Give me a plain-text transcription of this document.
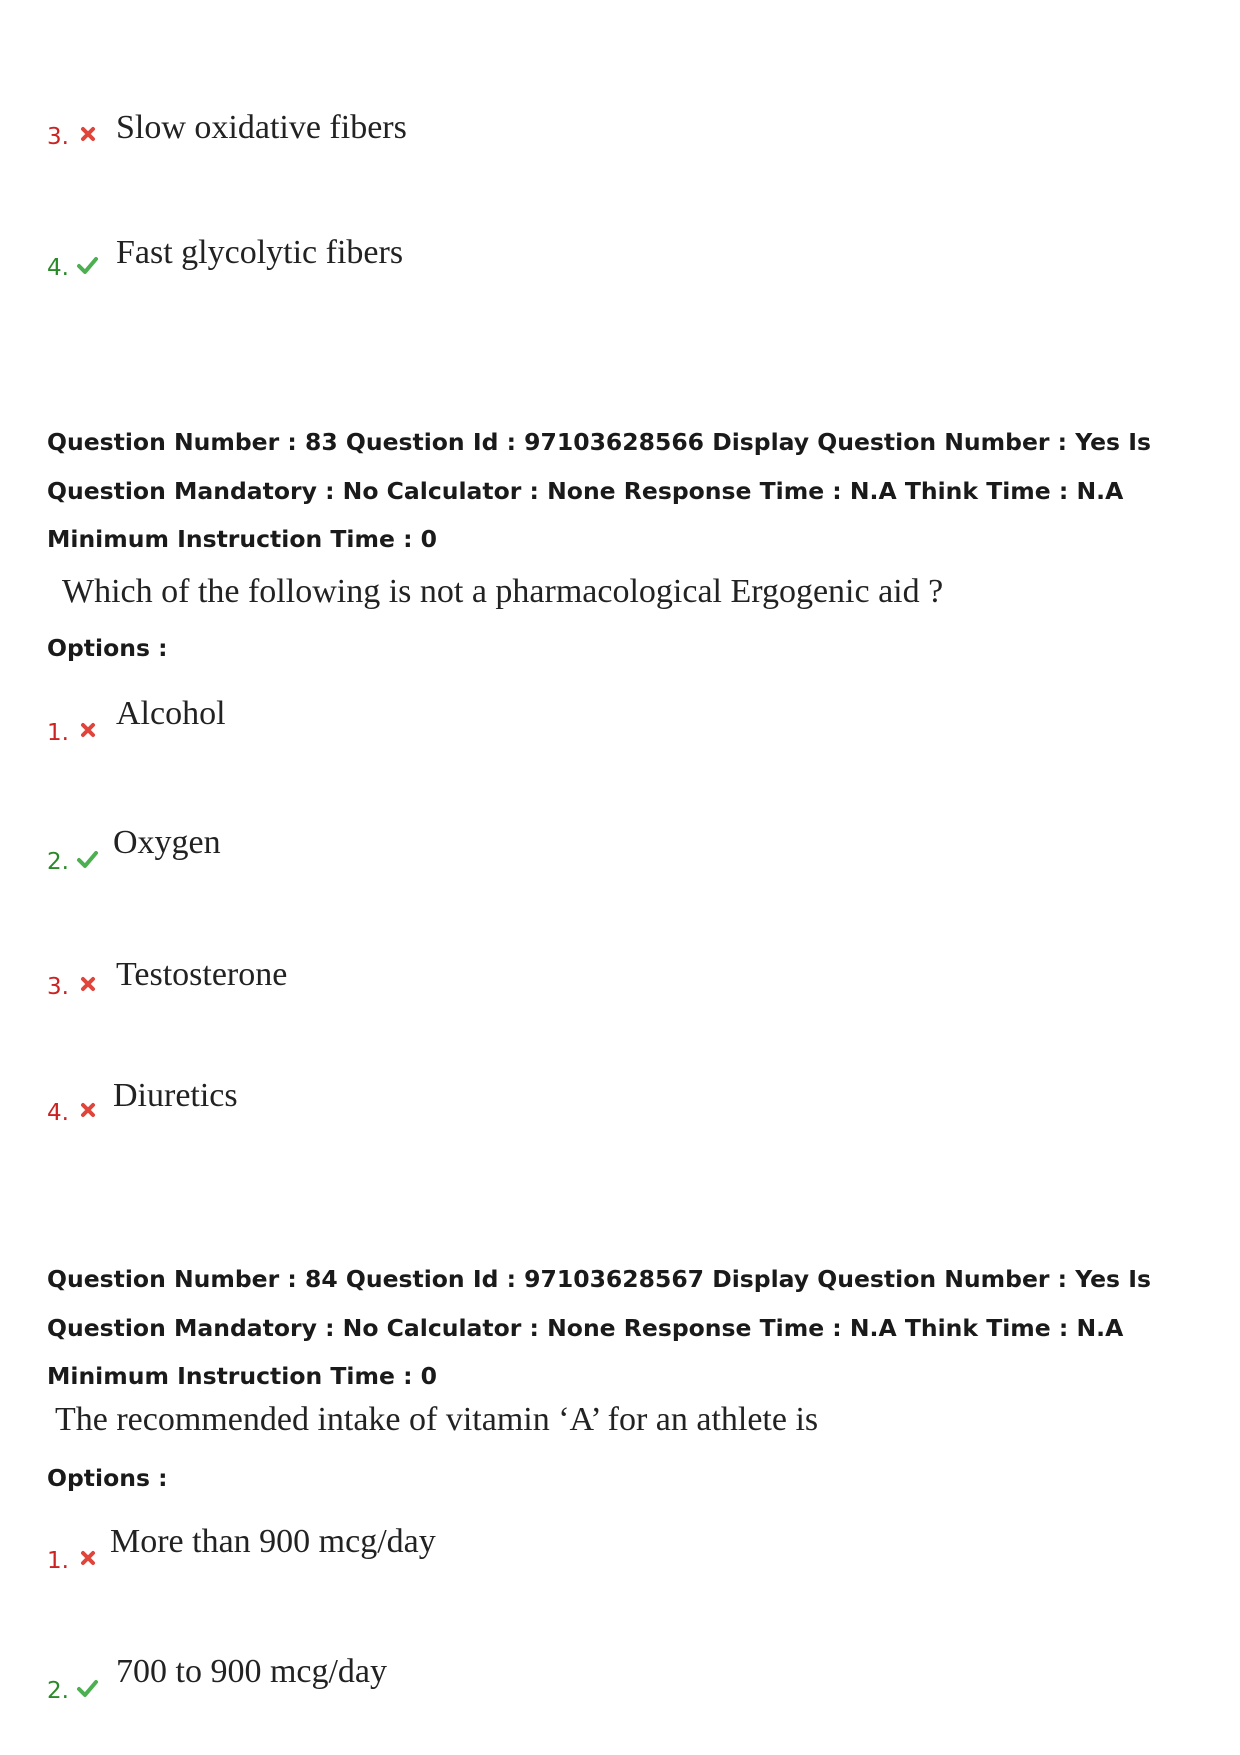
3. Slow oxidative fibers
4. Fast glycolytic fibers

Question Number : 83 Question Id : 97103628566 Display Question Number : Yes Is Question Mandatory : No Calculator : None Response Time : N.A Think Time : N.A Minimum Instruction Time : 0

Which of the following is not a pharmacological Ergogenic aid ?
Options :
1.
Alcohol
2.
Oxygen
3. Testosterone
4. Diuretics

Question Number : 84 Question Id : 97103628567 Display Question Number : Yes Is Question Mandatory : No Calculator : None Response Time : N.A Think Time : N.A Minimum Instruction Time : 0

The recommended intake of vitamin ‘A’ for an athlete is
Options :
1.
More than 900 mcg/day
2.
700 to 900 mcg/day
